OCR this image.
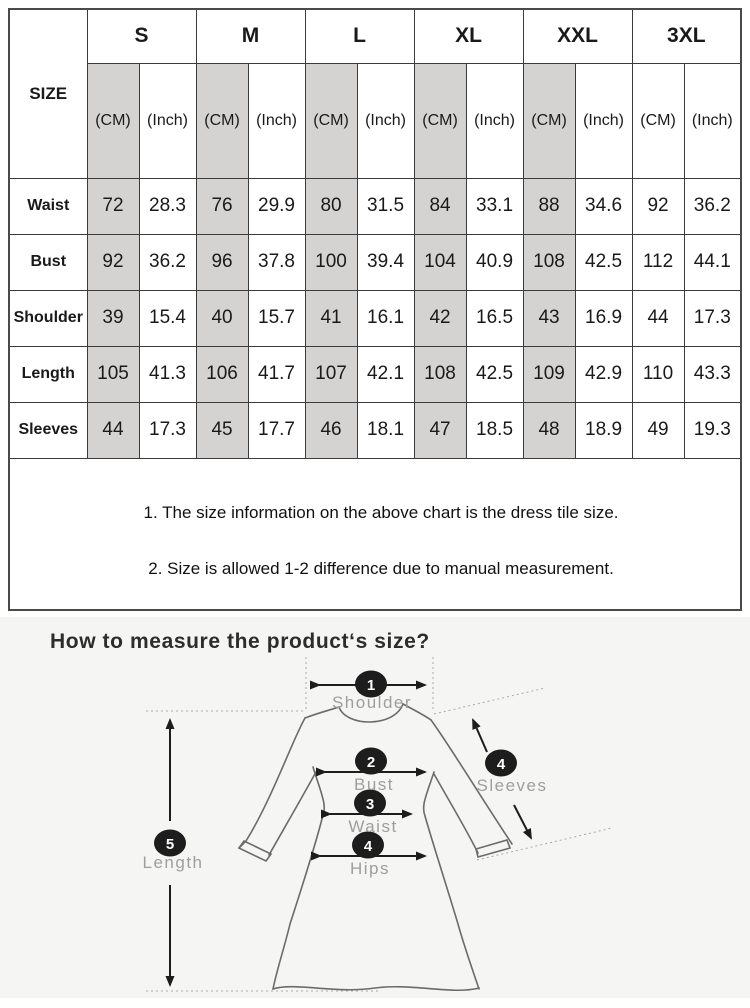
SIZE	S		M		L		XL		XXL		3XL	
	(CM)	(Inch)	(CM)	(Inch)	(CM)	(Inch)	(CM)	(Inch)	(CM)	(Inch)	(CM)	(Inch)
Waist	72	28.3	76	29.9	80	31.5	84	33.1	88	34.6	92	36.2
Bust	92	36.2	96	37.8	100	39.4	104	40.9	108	42.5	112	44.1
Shoulder	39	15.4	40	15.7	41	16.1	42	16.5	43	16.9	44	17.3
Length	105	41.3	106	41.7	107	42.1	108	42.5	109	42.9	110	43.3
Sleeves	44	17.3	45	17.7	46	18.1	47	18.5	48	18.9	49	19.3

1. The size information on the above chart is the dress tile size.

2. Size is allowed 1-2 difference due to manual measurement.												

How to measure the product‘s size?
1
2
3
4
4
5
Shoulder
Bust
Waist
Hips
Sleeves
Length
